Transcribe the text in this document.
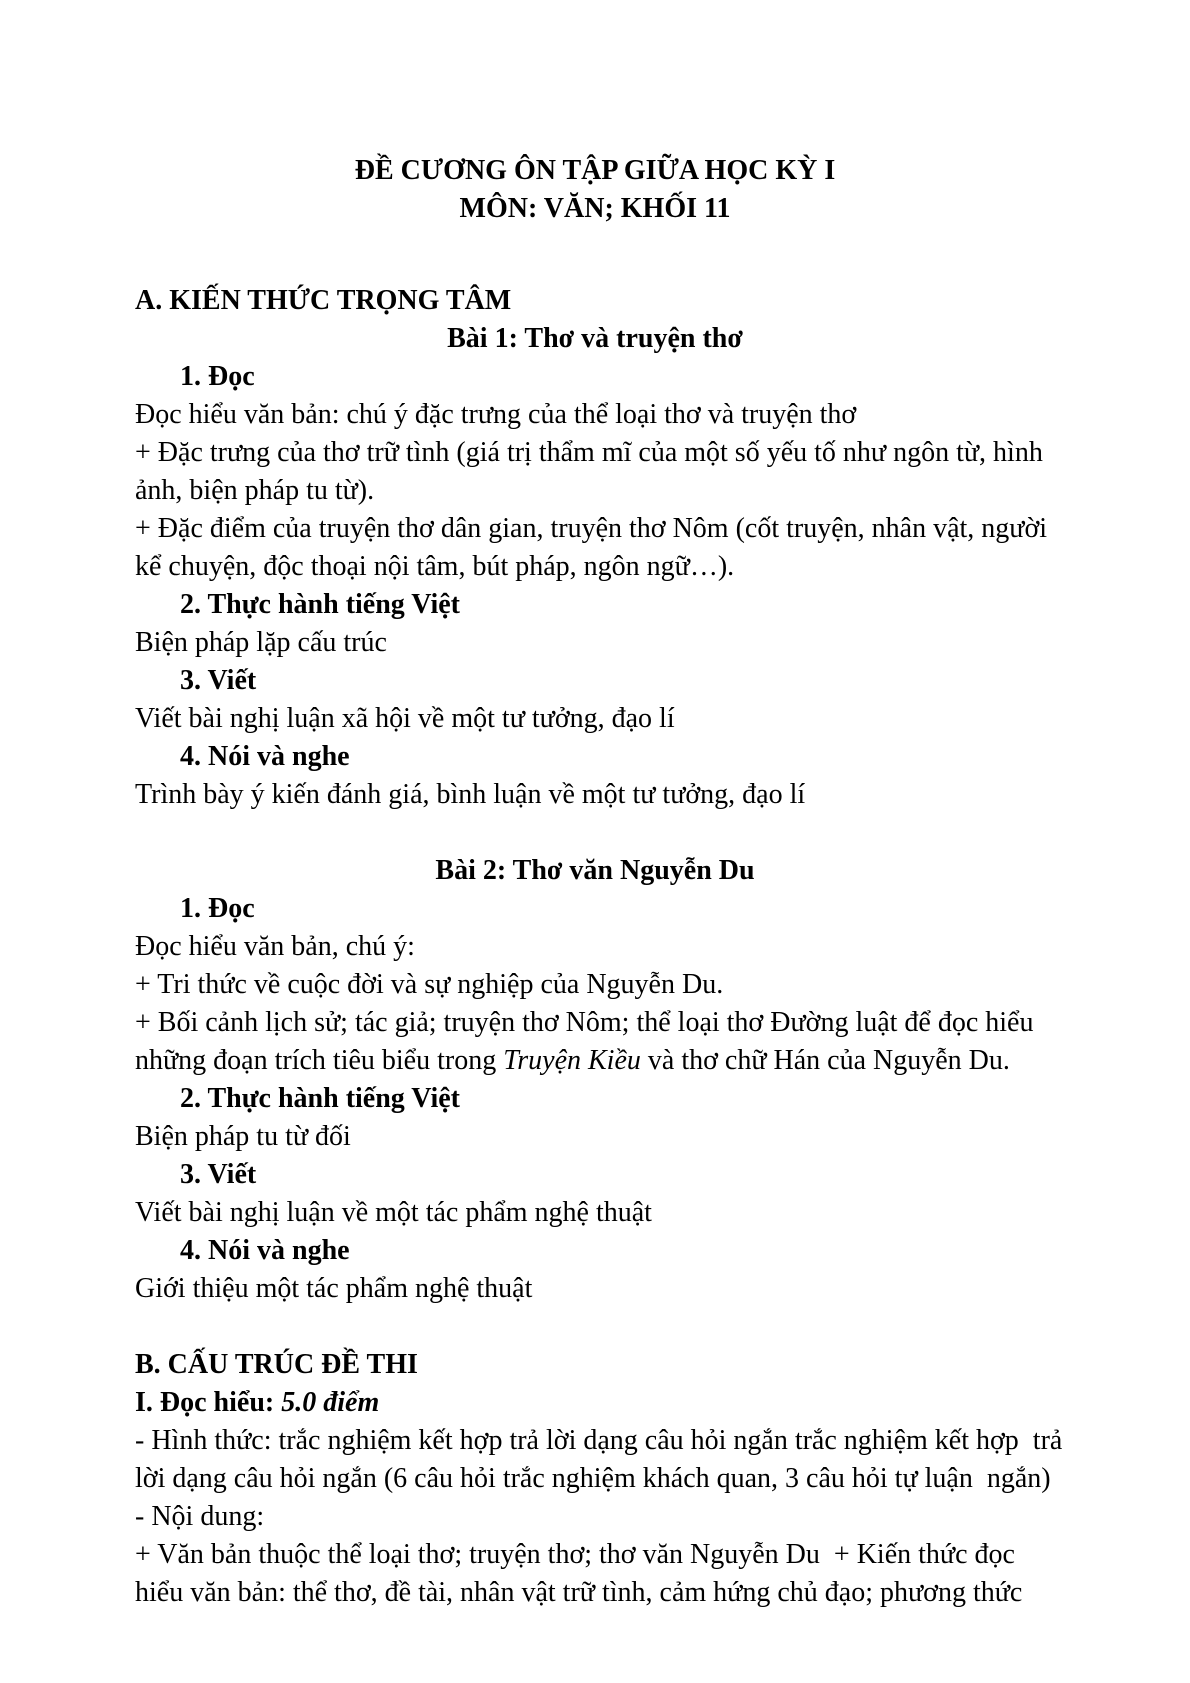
ĐỀ CƯƠNG ÔN TẬP GIỮA HỌC KỲ I

MÔN: VĂN; KHỐI 11

A. KIẾN THỨC TRỌNG TÂM

Bài 1: Thơ và truyện thơ

1. Đọc

Đọc hiểu văn bản: chú ý đặc trưng của thể loại thơ và truyện thơ

+ Đặc trưng của thơ trữ tình (giá trị thẩm mĩ của một số yếu tố như ngôn từ, hình

ảnh, biện pháp tu từ).

+ Đặc điểm của truyện thơ dân gian, truyện thơ Nôm (cốt truyện, nhân vật, người

kể chuyện, độc thoại nội tâm, bút pháp, ngôn ngữ…).

2. Thực hành tiếng Việt

Biện pháp lặp cấu trúc

3. Viết

Viết bài nghị luận xã hội về một tư tưởng, đạo lí

4. Nói và nghe

Trình bày ý kiến đánh giá, bình luận về một tư tưởng, đạo lí

Bài 2: Thơ văn Nguyễn Du

1. Đọc

Đọc hiểu văn bản, chú ý:

+ Tri thức về cuộc đời và sự nghiệp của Nguyễn Du.

+ Bối cảnh lịch sử; tác giả; truyện thơ Nôm; thể loại thơ Đường luật để đọc hiểu

những đoạn trích tiêu biểu trong Truyện Kiều và thơ chữ Hán của Nguyễn Du.

2. Thực hành tiếng Việt

Biện pháp tu từ đối

3. Viết

Viết bài nghị luận về một tác phẩm nghệ thuật

4. Nói và nghe

Giới thiệu một tác phẩm nghệ thuật

B. CẤU TRÚC ĐỀ THI

I. Đọc hiểu: 5.0 điểm

- Hình thức: trắc nghiệm kết hợp trả lời dạng câu hỏi ngắn trắc nghiệm kết hợp  trả

lời dạng câu hỏi ngắn (6 câu hỏi trắc nghiệm khách quan, 3 câu hỏi tự luận  ngắn)

- Nội dung:

+ Văn bản thuộc thể loại thơ; truyện thơ; thơ văn Nguyễn Du  + Kiến thức đọc

hiểu văn bản: thể thơ, đề tài, nhân vật trữ tình, cảm hứng chủ đạo; phương thức
